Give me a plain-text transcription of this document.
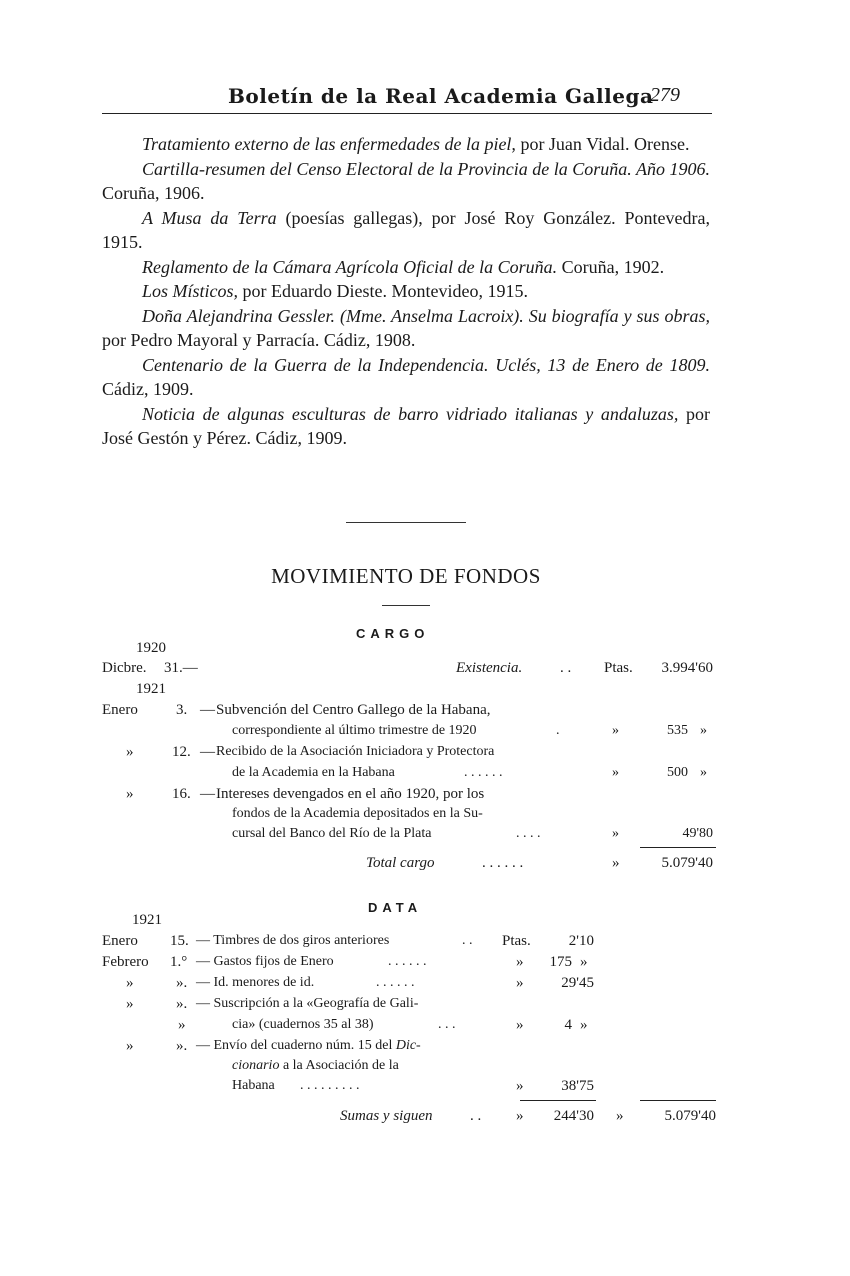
Boletín de la Real Academia Gallega
279

Tratamiento externo de las enfermedades de la piel, por Juan Vidal. Orense.

Cartilla-resumen del Censo Electoral de la Provincia de la Coruña. Año 1906. Coruña, 1906.

A Musa da Terra (poesías gallegas), por José Roy González. Pontevedra, 1915.

Reglamento de la Cámara Agrícola Oficial de la Coruña. Coruña, 1902.

Los Místicos, por Eduardo Dieste. Montevideo, 1915.

Doña Alejandrina Gessler. (Mme. Anselma Lacroix). Su biografía y sus obras, por Pedro Mayoral y Parracía. Cádiz, 1908.

Centenario de la Guerra de la Independencia. Uclés, 13 de Enero de 1809. Cádiz, 1909.

Noticia de algunas esculturas de barro vidriado italianas y andaluzas, por José Gestón y Pérez. Cádiz, 1909.

MOVIMIENTO DE FONDOS
CARGO
1920
Dicbre. 31.—	Existencia.	. . Ptas.	3.994'60
1921
Enero	3. — Subvención del Centro Gallego de la Habana,
correspondiente al último trimestre de 1920	.	»	535 »
»	12. — Recibido de la Asociación Iniciadora y Protectora
de la Academia en la Habana	. . . . . .	»	500 »
»	16. — Intereses devengados en el año 1920, por los
fondos de la Academia depositados en la Su-
cursal del Banco del Río de la Plata	. . . .	»	49'80
Total cargo	. . . . . .	»	5.079'40
DATA
1921
Enero 15. — Timbres de dos giros anteriores	. . Ptas.	2'10
Febrero 1.° — Gastos fijos de Enero	. . . . . .	»	175 »
»	». — Id. menores de id.	. . . . . .	»	29'45
»	». — Suscripción a la «Geografía de Gali-
»	cia» (cuadernos 35 al 38)	. . .	»	4 »
»	». — Envío del cuaderno núm. 15 del Dic-
cionario a la Asociación de la
Habana . . . . . . . . .	»	38'75
Sumas y siguen	. . »	244'30 »	5.079'40
